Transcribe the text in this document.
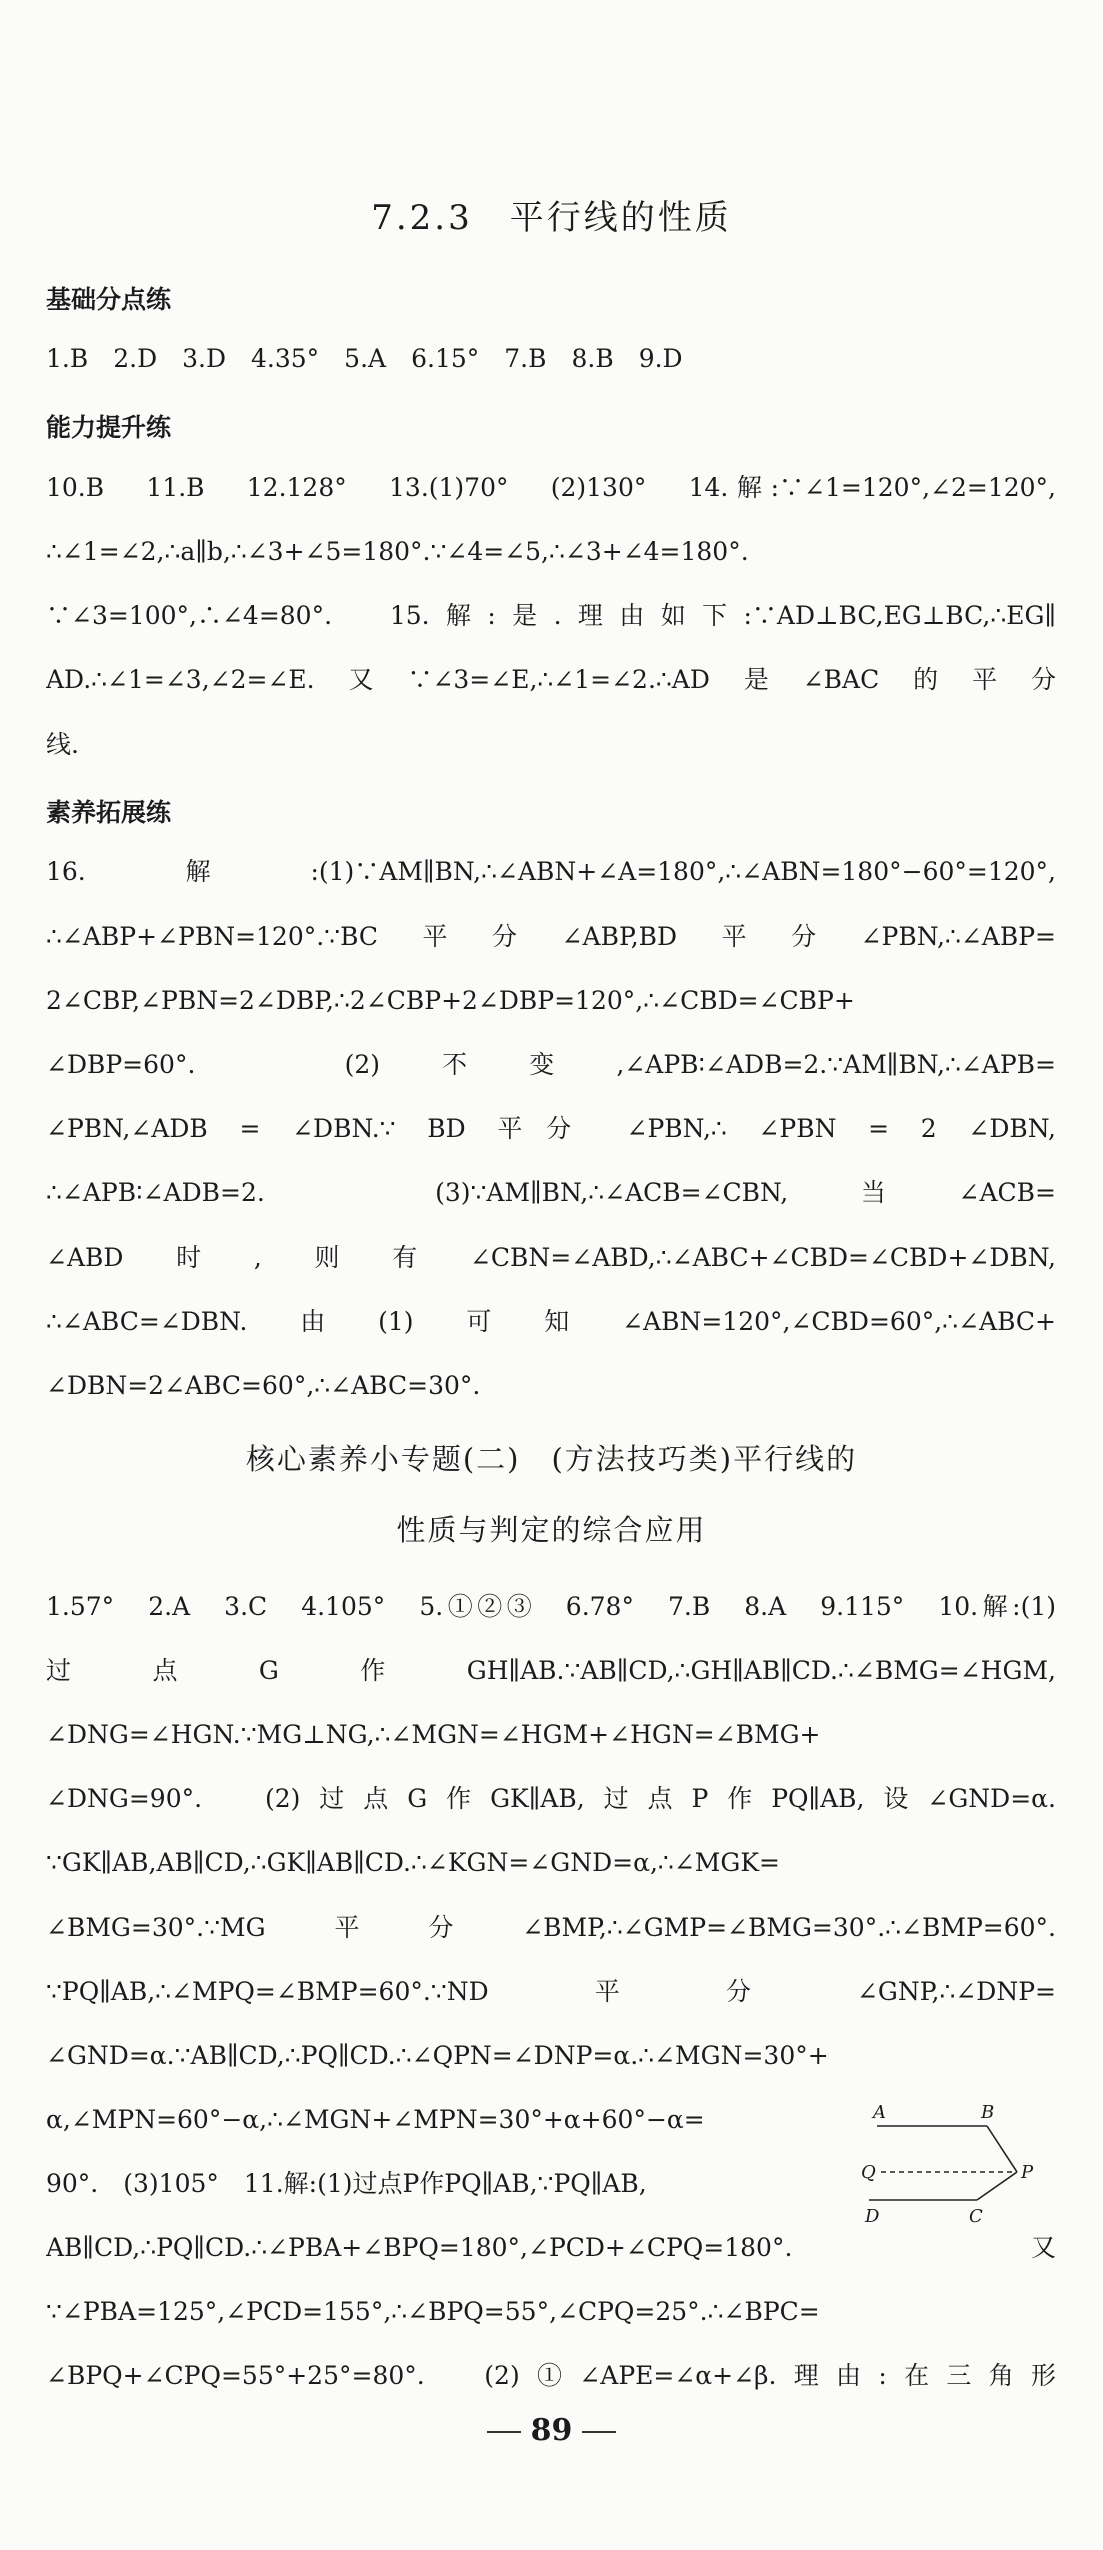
7.2.3　平行线的性质
基础分点练
1.B　2.D　3.D　4.35°　5.A　6.15°　7.B　8.B　9.D
能力提升练
10.B　11.B　12.128°　13.(1)70°　(2)130°　14.解:∵∠1=120°,∠2=120°,
∴∠1=∠2,∴a∥b,∴∠3+∠5=180°.∵∠4=∠5,∴∠3+∠4=180°.
∵∠3=100°,∴∠4=80°.　15.解:是.理由如下:∵AD⊥BC,EG⊥BC,∴EG∥
AD.∴∠1=∠3,∠2=∠E.又∵∠3=∠E,∴∠1=∠2.∴AD是∠BAC的平分
线.
素养拓展练
16.解:(1)∵AM∥BN,∴∠ABN+∠A=180°,∴∠ABN=180°−60°=120°,
∴∠ABP+∠PBN=120°.∵BC平分∠ABP,BD平分∠PBN,∴∠ABP=
2∠CBP,∠PBN=2∠DBP,∴2∠CBP+2∠DBP=120°,∴∠CBD=∠CBP+
∠DBP=60°.　(2)不变,∠APB∶∠ADB=2.∵AM∥BN,∴∠APB=
∠PBN,∠ADB = ∠DBN.∵ BD 平分 ∠PBN,∴ ∠PBN = 2 ∠DBN,
∴∠APB∶∠ADB=2.　(3)∵AM∥BN,∴∠ACB=∠CBN,当∠ACB=
∠ABD时,则有∠CBN=∠ABD,∴∠ABC+∠CBD=∠CBD+∠DBN,
∴∠ABC=∠DBN.由(1)可知∠ABN=120°,∠CBD=60°,∴∠ABC+
∠DBN=2∠ABC=60°,∴∠ABC=30°.
核心素养小专题(二)　(方法技巧类)平行线的
性质与判定的综合应用
1.57°　2.A　3.C　4.105°　5.①②③　6.78°　7.B　8.A　9.115°　10.解:(1)
过点G作GH∥AB.∵AB∥CD,∴GH∥AB∥CD.∴∠BMG=∠HGM,
∠DNG=∠HGN.∵MG⊥NG,∴∠MGN=∠HGM+∠HGN=∠BMG+
∠DNG=90°.　(2)过点G作GK∥AB,过点P作PQ∥AB,设∠GND=α.
∵GK∥AB,AB∥CD,∴GK∥AB∥CD.∴∠KGN=∠GND=α,∴∠MGK=
∠BMG=30°.∵MG平分∠BMP,∴∠GMP=∠BMG=30°.∴∠BMP=60°.
∵PQ∥AB,∴∠MPQ=∠BMP=60°.∵ND平分∠GNP,∴∠DNP=
∠GND=α.∵AB∥CD,∴PQ∥CD.∴∠QPN=∠DNP=α.∴∠MGN=30°+
α,∠MPN=60°−α,∴∠MGN+∠MPN=30°+α+60°−α=
90°.　(3)105°　11.解:(1)过点P作PQ∥AB,∵PQ∥AB,
AB∥CD,∴PQ∥CD.∴∠PBA+∠BPQ=180°,∠PCD+∠CPQ=180°.又
∵∠PBA=125°,∠PCD=155°,∴∠BPQ=55°,∠CPQ=25°.∴∠BPC=
∠BPQ+∠CPQ=55°+25°=80°.　(2)①∠APE=∠α+∠β.理由:在三角形
A	B
Q	P
D	C
89
